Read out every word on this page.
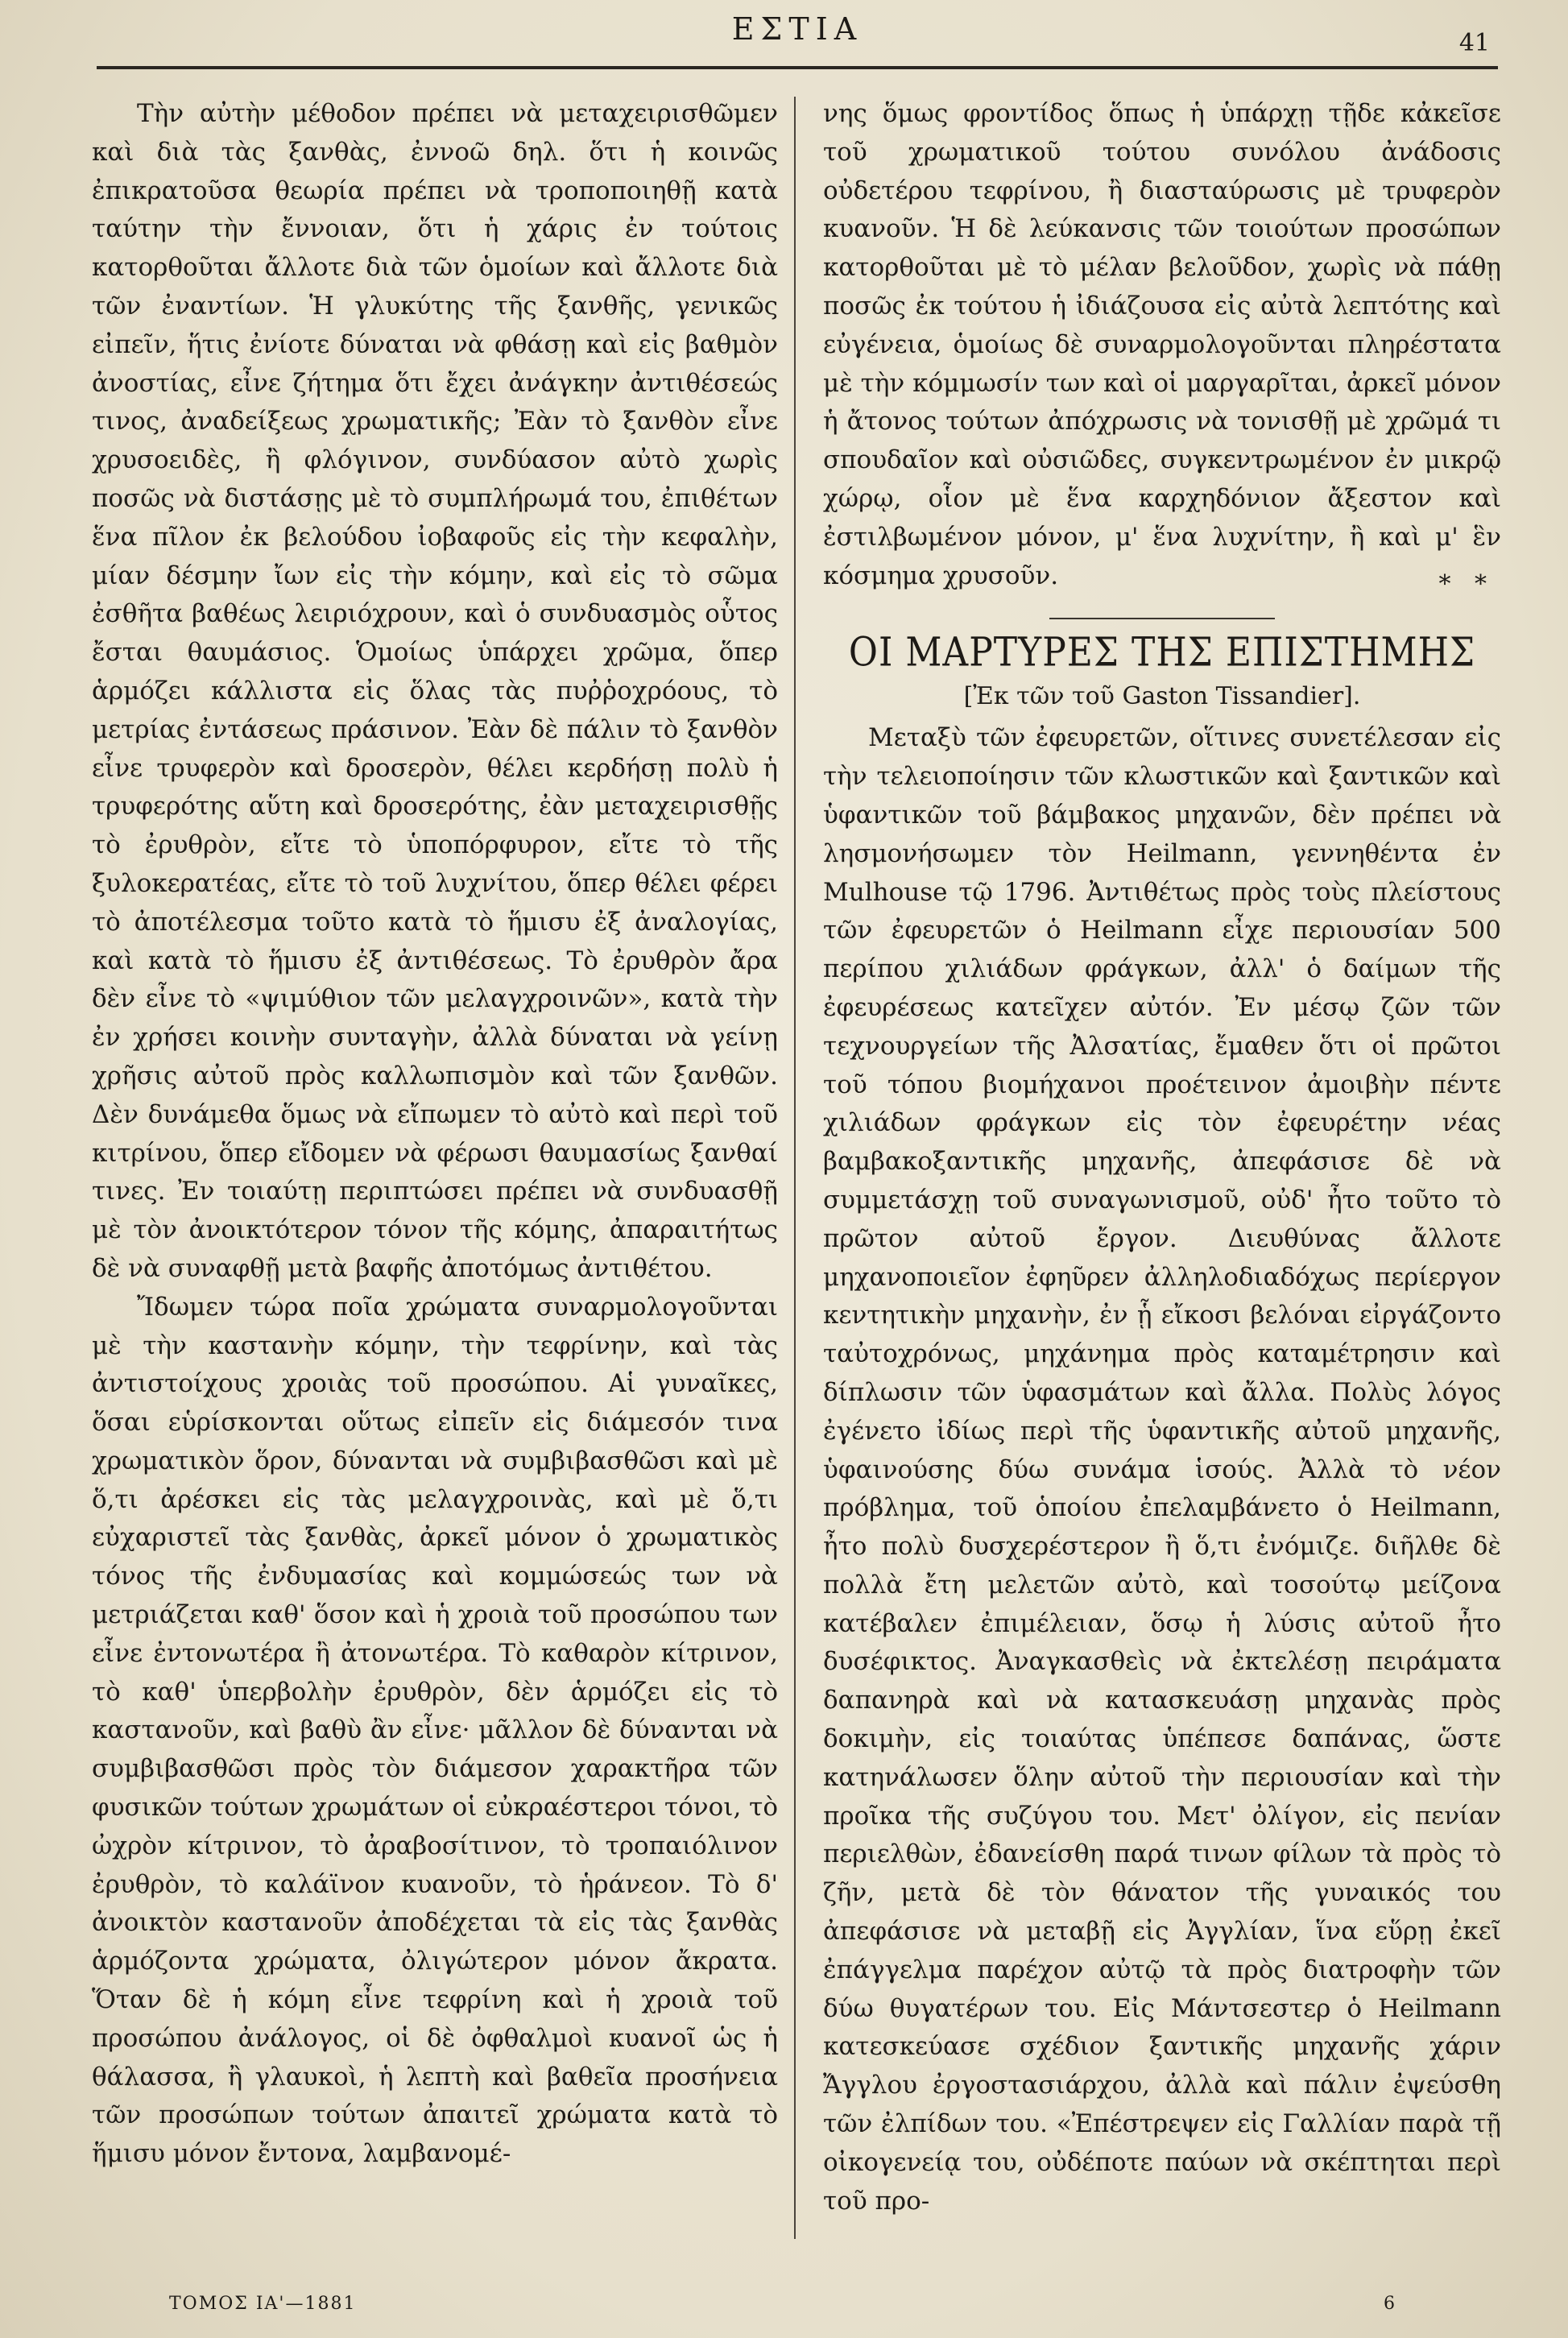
ΕΣΤΙΑ	41

Τὴν αὐτὴν μέθοδον πρέπει νὰ μεταχειρισθῶμεν καὶ διὰ τὰς ξανθὰς, ἐννοῶ δηλ. ὅτι ἡ κοινῶς ἐπικρατοῦσα θεωρία πρέπει νὰ τροποποιηθῇ κατὰ ταύτην τὴν ἔννοιαν, ὅτι ἡ χάρις ἐν τούτοις κατορθοῦται ἄλλοτε διὰ τῶν ὁμοίων καὶ ἄλλοτε διὰ τῶν ἐναντίων. Ἡ γλυκύτης τῆς ξανθῆς, γενικῶς εἰπεῖν, ἥτις ἐνίοτε δύναται νὰ φθάσῃ καὶ εἰς βαθμὸν ἀνοστίας, εἶνε ζήτημα ὅτι ἔχει ἀνάγκην ἀντιθέσεώς τινος, ἀναδείξεως χρωματικῆς; Ἐὰν τὸ ξανθὸν εἶνε χρυσοειδὲς, ἢ φλόγινον, συνδύασον αὐτὸ χωρὶς ποσῶς νὰ διστάσῃς μὲ τὸ συμπλήρωμά του, ἐπιθέτων ἕνα πῖλον ἐκ βελούδου ἰοβαφοῦς εἰς τὴν κεφαλὴν, μίαν δέσμην ἴων εἰς τὴν κόμην, καὶ εἰς τὸ σῶμα ἐσθῆτα βαθέως λειριόχρουν, καὶ ὁ συνδυασμὸς οὗτος ἔσται θαυμάσιος. Ὁμοίως ὑπάρχει χρῶμα, ὅπερ ἁρμόζει κάλλιστα εἰς ὅλας τὰς πυῤῥοχρόους, τὸ μετρίας ἐντάσεως πράσινον. Ἐὰν δὲ πάλιν τὸ ξανθὸν εἶνε τρυφερὸν καὶ δροσερὸν, θέλει κερδήσῃ πολὺ ἡ τρυφερότης αὕτη καὶ δροσερότης, ἐὰν μεταχειρισθῇς τὸ ἐρυθρὸν, εἴτε τὸ ὑποπόρφυρον, εἴτε τὸ τῆς ξυλοκερατέας, εἴτε τὸ τοῦ λυχνίτου, ὅπερ θέλει φέρει τὸ ἀποτέλεσμα τοῦτο κατὰ τὸ ἥμισυ ἐξ ἀναλογίας, καὶ κατὰ τὸ ἥμισυ ἐξ ἀντιθέσεως. Τὸ ἐρυθρὸν ἄρα δὲν εἶνε τὸ «ψιμύθιον τῶν μελαγχροινῶν», κατὰ τὴν ἐν χρήσει κοινὴν συνταγὴν, ἀλλὰ δύναται νὰ γείνῃ χρῆσις αὐτοῦ πρὸς καλλωπισμὸν καὶ τῶν ξανθῶν. Δὲν δυνάμεθα ὅμως νὰ εἴπωμεν τὸ αὐτὸ καὶ περὶ τοῦ κιτρίνου, ὅπερ εἴδομεν νὰ φέρωσι θαυμασίως ξανθαί τινες. Ἐν τοιαύτῃ περιπτώσει πρέπει νὰ συνδυασθῇ μὲ τὸν ἀνοικτότερον τόνον τῆς κόμης, ἀπαραιτήτως δὲ νὰ συναφθῇ μετὰ βαφῆς ἀποτόμως ἀντιθέτου.

Ἴδωμεν τώρα ποῖα χρώματα συναρμολογοῦνται μὲ τὴν καστανὴν κόμην, τὴν τεφρίνην, καὶ τὰς ἀντιστοίχους χροιὰς τοῦ προσώπου. Αἱ γυναῖκες, ὅσαι εὑρίσκονται οὕτως εἰπεῖν εἰς διάμεσόν τινα χρωματικὸν ὅρον, δύνανται νὰ συμβιβασθῶσι καὶ μὲ ὅ,τι ἀρέσκει εἰς τὰς μελαγχροινὰς, καὶ μὲ ὅ,τι εὐχαριστεῖ τὰς ξανθὰς, ἀρκεῖ μόνον ὁ χρωματικὸς τόνος τῆς ἐνδυμασίας καὶ κομμώσεώς των νὰ μετριάζεται καθ' ὅσον καὶ ἡ χροιὰ τοῦ προσώπου των εἶνε ἐντονωτέρα ἢ ἀτονωτέρα. Τὸ καθαρὸν κίτρινον, τὸ καθ' ὑπερβολὴν ἐρυθρὸν, δὲν ἁρμόζει εἰς τὸ καστανοῦν, καὶ βαθὺ ἂν εἶνε· μᾶλλον δὲ δύνανται νὰ συμβιβασθῶσι πρὸς τὸν διάμεσον χαρακτῆρα τῶν φυσικῶν τούτων χρωμάτων οἱ εὐκραέστεροι τόνοι, τὸ ὠχρὸν κίτρινον, τὸ ἀραβοσίτινον, τὸ τροπαιόλινον ἐρυθρὸν, τὸ καλάϊνον κυανοῦν, τὸ ἡράνεον. Τὸ δ' ἀνοικτὸν καστανοῦν ἀποδέχεται τὰ εἰς τὰς ξανθὰς ἁρμόζοντα χρώματα, ὀλιγώτερον μόνον ἄκρατα. Ὅταν δὲ ἡ κόμη εἶνε τεφρίνη καὶ ἡ χροιὰ τοῦ προσώπου ἀνάλογος, οἱ δὲ ὀφθαλμοὶ κυανοῖ ὡς ἡ θάλασσα, ἢ γλαυκοὶ, ἡ λεπτὴ καὶ βαθεῖα προσήνεια τῶν προσώπων τούτων ἀπαιτεῖ χρώματα κατὰ τὸ ἥμισυ μόνον ἔντονα, λαμβανομέ-

νης ὅμως φροντίδος ὅπως ἡ ὑπάρχῃ τῇδε κἀκεῖσε τοῦ χρωματικοῦ τούτου συνόλου ἀνάδοσις οὐδετέρου τεφρίνου, ἢ διασταύρωσις μὲ τρυφερὸν κυανοῦν. Ἡ δὲ λεύκανσις τῶν τοιούτων προσώπων κατορθοῦται μὲ τὸ μέλαν βελοῦδον, χωρὶς νὰ πάθῃ ποσῶς ἐκ τούτου ἡ ἰδιάζουσα εἰς αὐτὰ λεπτότης καὶ εὐγένεια, ὁμοίως δὲ συναρμολογοῦνται πληρέστατα μὲ τὴν κόμμωσίν των καὶ οἱ μαργαρῖται, ἀρκεῖ μόνον ἡ ἄτονος τούτων ἀπόχρωσις νὰ τονισθῇ μὲ χρῶμά τι σπουδαῖον καὶ οὐσιῶδες, συγκεντρωμένον ἐν μικρῷ χώρῳ, οἷον μὲ ἕνα καρχηδόνιον ἄξεστον καὶ ἐστιλβωμένον μόνον, μ' ἕνα λυχνίτην, ἢ καὶ μ' ἓν κόσμημα χρυσοῦν.	* *
ΟΙ ΜΑΡΤΥΡΕΣ ΤΗΣ ΕΠΙΣΤΗΜΗΣ
[Ἐκ τῶν τοῦ Gaston Tissandier].

Μεταξὺ τῶν ἐφευρετῶν, οἵτινες συνετέλεσαν εἰς τὴν τελειοποίησιν τῶν κλωστικῶν καὶ ξαντικῶν καὶ ὑφαντικῶν τοῦ βάμβακος μηχανῶν, δὲν πρέπει νὰ λησμονήσωμεν τὸν Heilmann, γεννηθέντα ἐν Mulhouse τῷ 1796. Ἀντιθέτως πρὸς τοὺς πλείστους τῶν ἐφευρετῶν ὁ Heilmann εἶχε περιουσίαν 500 περίπου χιλιάδων φράγκων, ἀλλ' ὁ δαίμων τῆς ἐφευρέσεως κατεῖχεν αὐτόν. Ἐν μέσῳ ζῶν τῶν τεχνουργείων τῆς Ἀλσατίας, ἔμαθεν ὅτι οἱ πρῶτοι τοῦ τόπου βιομήχανοι προέτεινον ἀμοιβὴν πέντε χιλιάδων φράγκων εἰς τὸν ἐφευρέτην νέας βαμβακοξαντικῆς μηχανῆς, ἀπεφάσισε δὲ νὰ συμμετάσχῃ τοῦ συναγωνισμοῦ, οὐδ' ἦτο τοῦτο τὸ πρῶτον αὐτοῦ ἔργον. Διευθύνας ἄλλοτε μηχανοποιεῖον ἐφηῦρεν ἀλληλοδιαδόχως περίεργον κεντητικὴν μηχανὴν, ἐν ᾗ εἴκοσι βελόναι εἰργάζοντο ταὐτοχρόνως, μηχάνημα πρὸς καταμέτρησιν καὶ δίπλωσιν τῶν ὑφασμάτων καὶ ἄλλα. Πολὺς λόγος ἐγένετο ἰδίως περὶ τῆς ὑφαντικῆς αὐτοῦ μηχανῆς, ὑφαινούσης δύω συνάμα ἱσούς. Ἀλλὰ τὸ νέον πρόβλημα, τοῦ ὁποίου ἐπελαμβάνετο ὁ Heilmann, ἦτο πολὺ δυσχερέστερον ἢ ὅ,τι ἐνόμιζε. διῆλθε δὲ πολλὰ ἔτη μελετῶν αὐτὸ, καὶ τοσούτῳ μείζονα κατέβαλεν ἐπιμέλειαν, ὅσῳ ἡ λύσις αὐτοῦ ἦτο δυσέφικτος. Ἀναγκασθεὶς νὰ ἐκτελέσῃ πειράματα δαπανηρὰ καὶ νὰ κατασκευάσῃ μηχανὰς πρὸς δοκιμὴν, εἰς τοιαύτας ὑπέπεσε δαπάνας, ὥστε κατηνάλωσεν ὅλην αὐτοῦ τὴν περιουσίαν καὶ τὴν προῖκα τῆς συζύγου του. Μετ' ὀλίγον, εἰς πενίαν περιελθὼν, ἐδανείσθη παρά τινων φίλων τὰ πρὸς τὸ ζῆν, μετὰ δὲ τὸν θάνατον τῆς γυναικός του ἀπεφάσισε νὰ μεταβῇ εἰς Ἀγγλίαν, ἵνα εὕρῃ ἐκεῖ ἐπάγγελμα παρέχον αὐτῷ τὰ πρὸς διατροφὴν τῶν δύω θυγατέρων του. Εἰς Μάντσεστερ ὁ Heilmann κατεσκεύασε σχέδιον ξαντικῆς μηχανῆς χάριν Ἄγγλου ἐργοστασιάρχου, ἀλλὰ καὶ πάλιν ἐψεύσθη τῶν ἐλπίδων του. «Ἐπέστρεψεν εἰς Γαλλίαν παρὰ τῇ οἰκογενείᾳ του, οὐδέποτε παύων νὰ σκέπτηται περὶ τοῦ προ-

ΤΟΜΟΣ ΙΑ'—1881	6
